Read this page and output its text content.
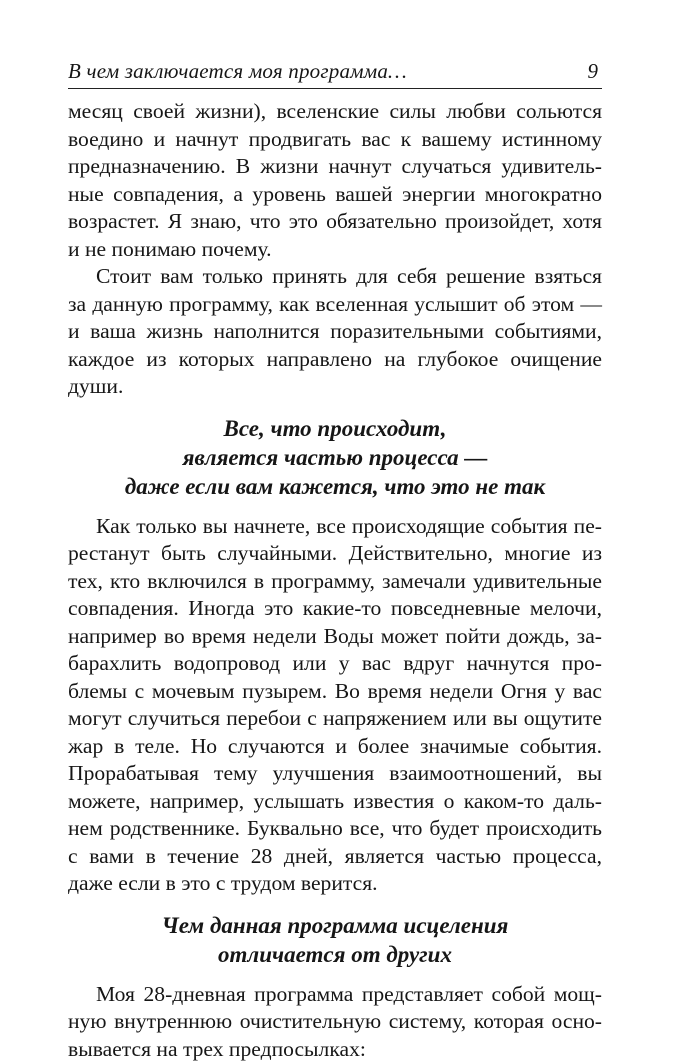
В чем заключается моя программа…	9

месяц своей жизни), вселенские силы любви сольются
воедино и начнут продвигать вас к вашему истинному
предназначению. В жизни начнут случаться удивитель-
ные совпадения, а уровень вашей энергии многократно
возрастет. Я знаю, что это обязательно произойдет, хотя
и не понимаю почему.

Стоит вам только принять для себя решение взяться
за данную программу, как вселенная услышит об этом —
и ваша жизнь наполнится поразительными событиями,
каждое из которых направлено на глубокое очищение
души.

Все, что происходит,
является частью процесса —
даже если вам кажется, что это не так

Как только вы начнете, все происходящие события пе-
рестанут быть случайными. Действительно, многие из
тех, кто включился в программу, замечали удивительные
совпадения. Иногда это какие-то повседневные мелочи,
например во время недели Воды может пойти дождь, за-
барахлить водопровод или у вас вдруг начнутся про-
блемы с мочевым пузырем. Во время недели Огня у вас
могут случиться перебои с напряжением или вы ощутите
жар в теле. Но случаются и более значимые события.
Прорабатывая тему улучшения взаимоотношений, вы
можете, например, услышать известия о каком-то даль-
нем родственнике. Буквально все, что будет происходить
с вами в течение 28 дней, является частью процесса,
даже если в это с трудом верится.

Чем данная программа исцеления
отличается от других

Моя 28-дневная программа представляет собой мощ-
ную внутреннюю очистительную систему, которая осно-
вывается на трех предпосылках:
